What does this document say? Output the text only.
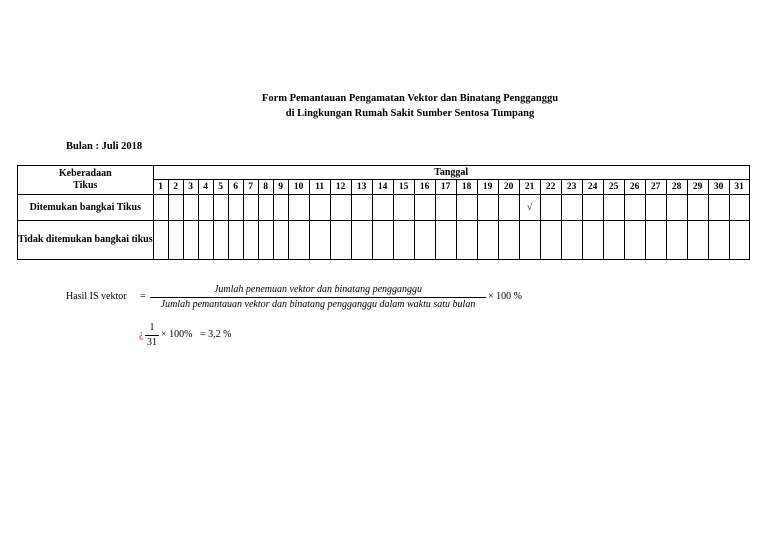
Form Pemantauan Pengamatan Vektor dan Binatang Pengganggu
di Lingkungan Rumah Sakit Sumber Sentosa Tumpang
Bulan : Juli 2018
Keberadaan
Tikus	Tanggal																														
	1	2	3	4	5	6	7	8	9	10	11	12	13	14	15	16	17	18	19	20	21	22	23	24	25	26	27	28	29	30	31
Ditemukan bangkai Tikus																					√										
Tidak ditemukan bangkai tikus																															
Hasil IS vektor =
Jumlah penemuan vektor dan binatang pengganggu
Jumlah pemantauan vektor dan binatang pengganggu dalam waktu satu bulan
× 100 %
¿
1
31
× 100% = 3,2 %
